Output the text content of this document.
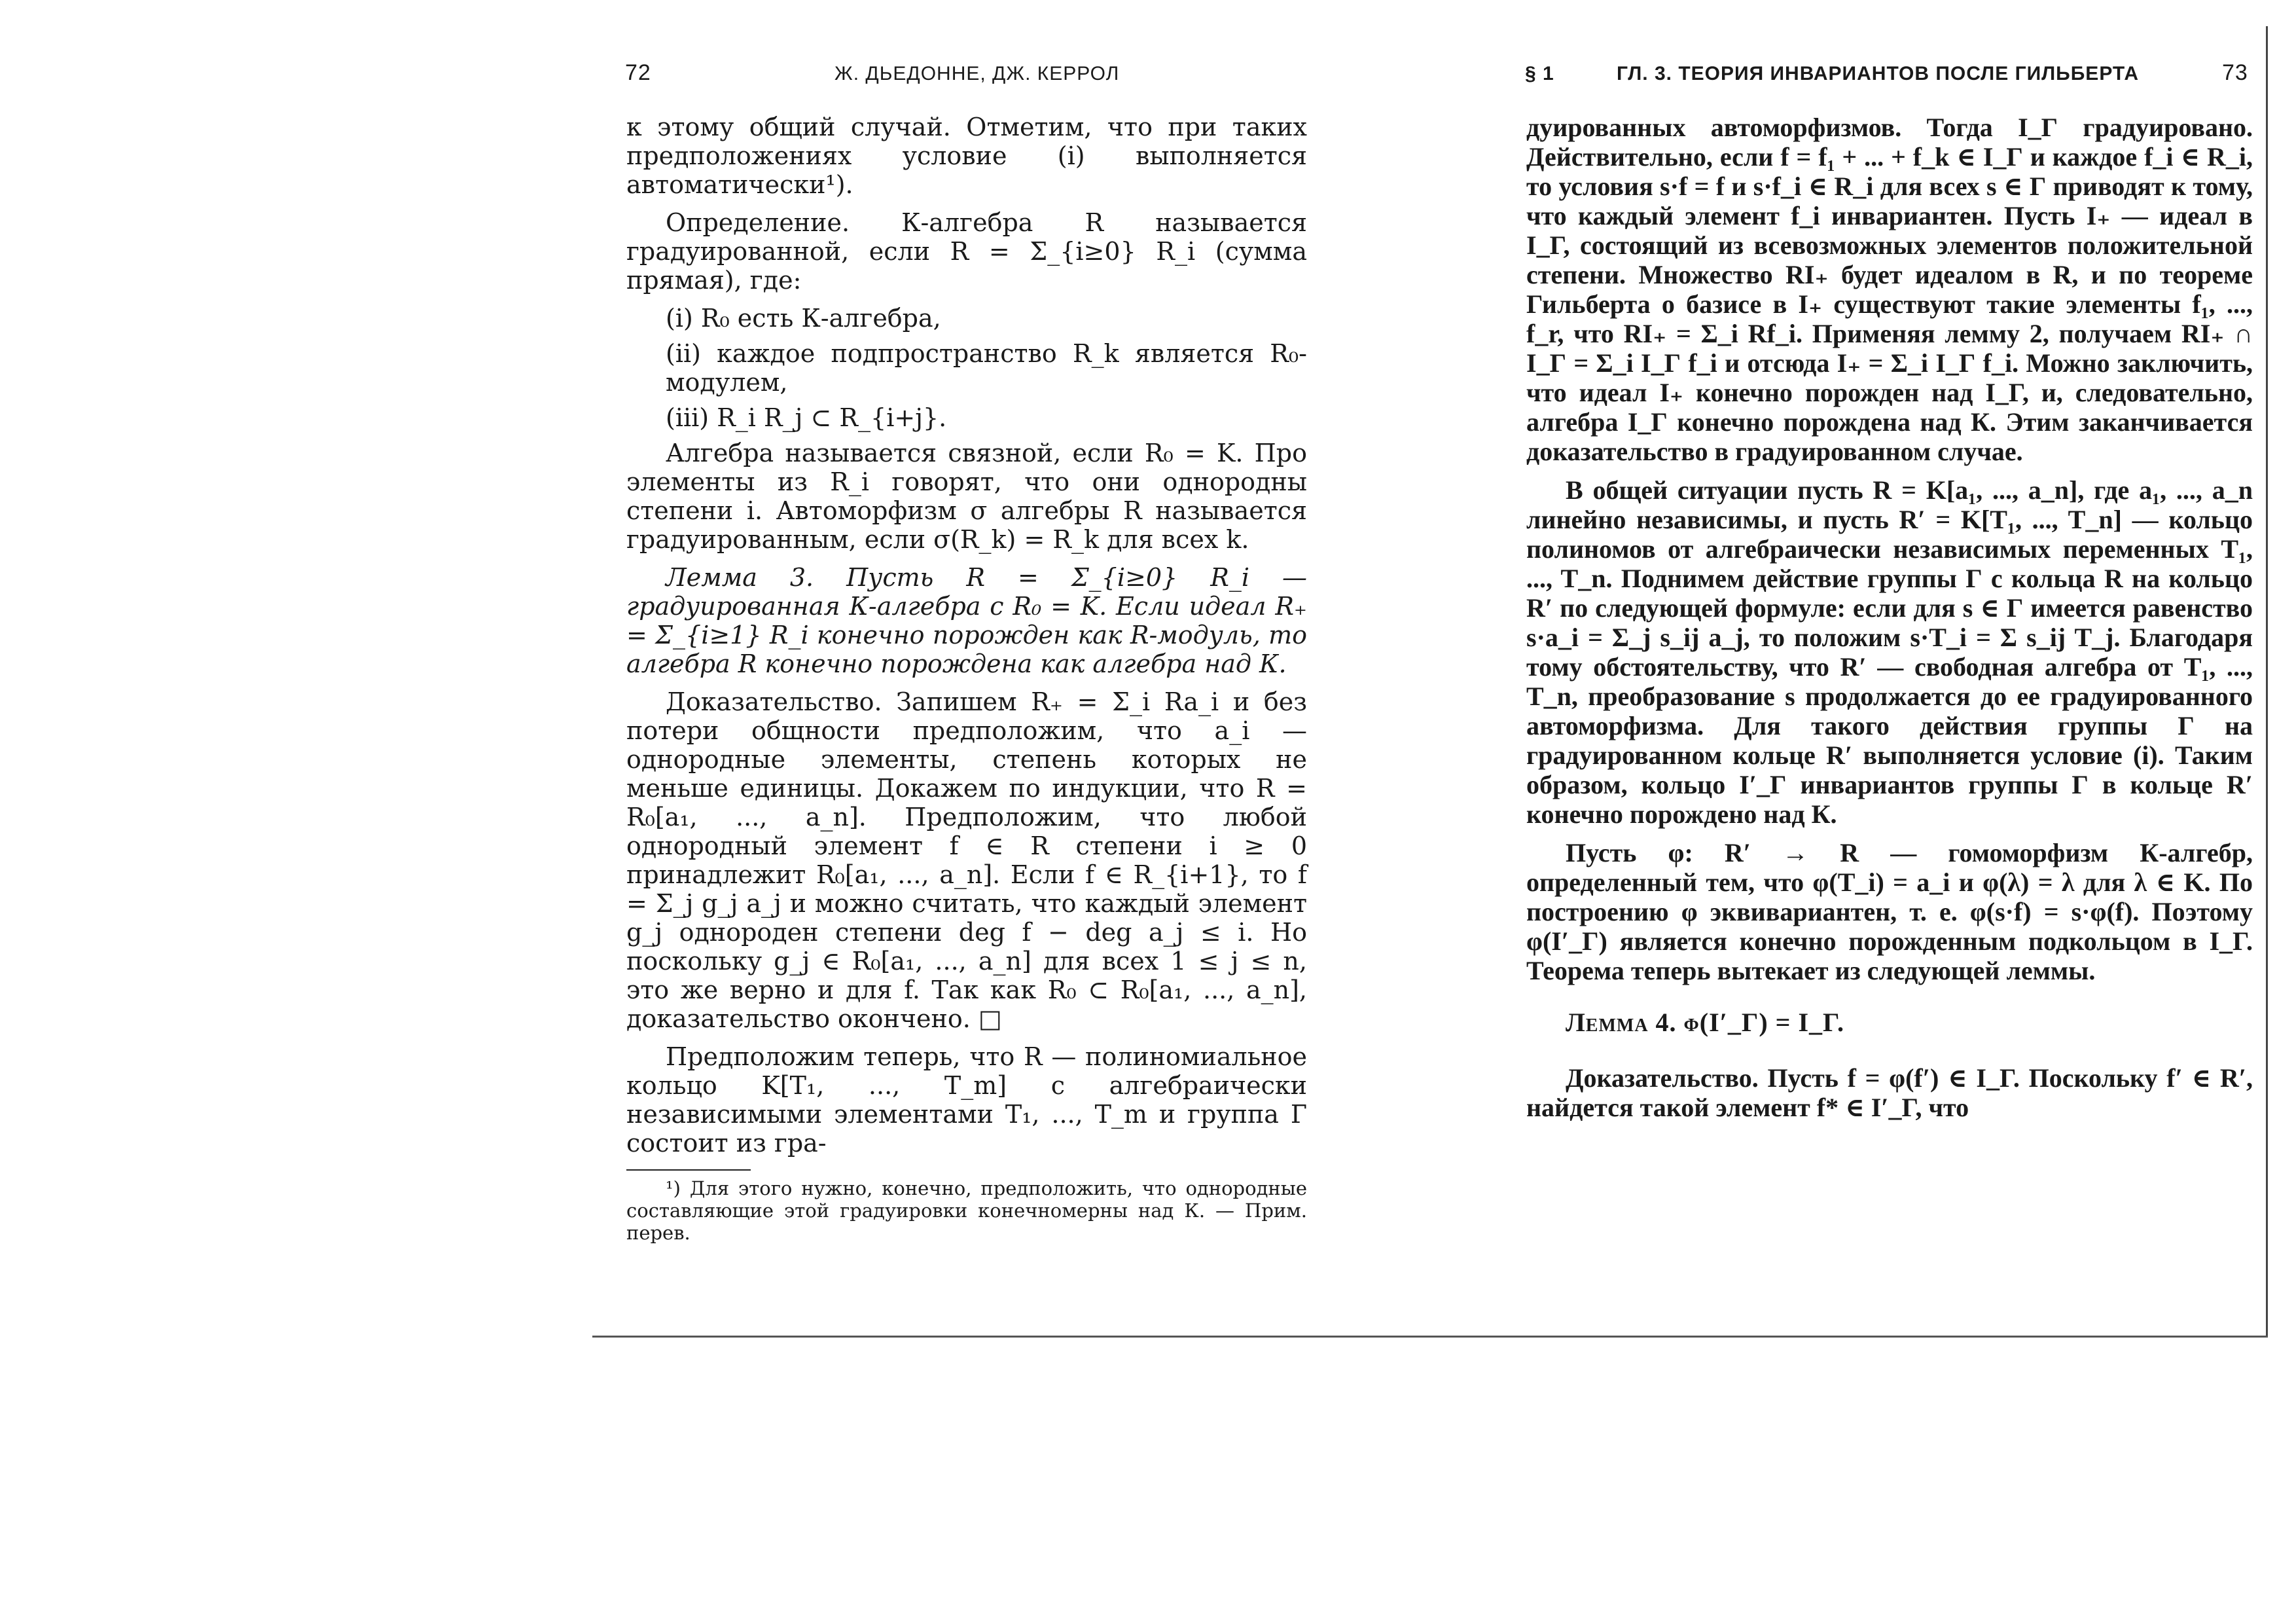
72	Ж. ДЬЕДОННЕ, ДЖ. КЕРРОЛ

к этому общий случай. Отметим, что при таких предположениях условие (i) выполняется автоматически¹).

Определение. К-алгебра R называется градуированной, если R = Σ_{i≥0} R_i (сумма прямая), где:

(i) R₀ есть К-алгебра,

(ii) каждое подпространство R_k является R₀-модулем,

(iii) R_i R_j ⊂ R_{i+j}.

Алгебра называется связной, если R₀ = K. Про элементы из R_i говорят, что они однородны степени i. Автоморфизм σ алгебры R называется градуированным, если σ(R_k) = R_k для всех k.

Лемма 3. Пусть R = Σ_{i≥0} R_i — градуированная К-алгебра с R₀ = K. Если идеал R₊ = Σ_{i≥1} R_i конечно порожден как R-модуль, то алгебра R конечно порождена как алгебра над К.

Доказательство. Запишем R₊ = Σ_i Ra_i и без потери общности предположим, что a_i — однородные элементы, степень которых не меньше единицы. Докажем по индукции, что R = R₀[a₁, ..., a_n]. Предположим, что любой однородный элемент f ∈ R степени i ≥ 0 принадлежит R₀[a₁, ..., a_n]. Если f ∈ R_{i+1}, то f = Σ_j g_j a_j и можно считать, что каждый элемент g_j однороден степени deg f − deg a_j ≤ i. Но поскольку g_j ∈ R₀[a₁, ..., a_n] для всех 1 ≤ j ≤ n, это же верно и для f. Так как R₀ ⊂ R₀[a₁, ..., a_n], доказательство окончено. □

Предположим теперь, что R — полиномиальное кольцо K[T₁, ..., T_m] с алгебраически независимыми элементами T₁, ..., T_m и группа Г состоит из гра-

¹) Для этого нужно, конечно, предположить, что однородные составляющие этой градуировки конечномерны над К. — Прим. перев.
§ 1	ГЛ. 3. ТЕОРИЯ ИНВАРИАНТОВ ПОСЛЕ ГИЛЬБЕРТА	73

дуированных автоморфизмов. Тогда I_Г градуировано. Действительно, если f = f₁ + ... + f_k ∈ I_Г и каждое f_i ∈ R_i, то условия s·f = f и s·f_i ∈ R_i для всех s ∈ Г приводят к тому, что каждый элемент f_i инвариантен. Пусть I₊ — идеал в I_Г, состоящий из всевозможных элементов положительной степени. Множество RI₊ будет идеалом в R, и по теореме Гильберта о базисе в I₊ существуют такие элементы f₁, ..., f_r, что RI₊ = Σ_i Rf_i. Применяя лемму 2, получаем RI₊ ∩ I_Г = Σ_i I_Г f_i и отсюда I₊ = Σ_i I_Г f_i. Можно заключить, что идеал I₊ конечно порожден над I_Г, и, следовательно, алгебра I_Г конечно порождена над К. Этим заканчивается доказательство в градуированном случае.

В общей ситуации пусть R = K[a₁, ..., a_n], где a₁, ..., a_n линейно независимы, и пусть R′ = K[T₁, ..., T_n] — кольцо полиномов от алгебраически независимых переменных T₁, ..., T_n. Поднимем действие группы Г с кольца R на кольцо R′ по следующей формуле: если для s ∈ Г имеется равенство s·a_i = Σ_j s_ij a_j, то положим s·T_i = Σ s_ij T_j. Благодаря тому обстоятельству, что R′ — свободная алгебра от T₁, ..., T_n, преобразование s продолжается до ее градуированного автоморфизма. Для такого действия группы Г на градуированном кольце R′ выполняется условие (i). Таким образом, кольцо I′_Г инвариантов группы Г в кольце R′ конечно порождено над К.

Пусть φ: R′ → R — гомоморфизм К-алгебр, определенный тем, что φ(T_i) = a_i и φ(λ) = λ для λ ∈ K. По построению φ эквивариантен, т. е. φ(s·f) = s·φ(f). Поэтому φ(I′_Г) является конечно порожденным подкольцом в I_Г. Теорема теперь вытекает из следующей леммы.

Лемма 4. φ(I′_Г) = I_Г.

Доказательство. Пусть f = φ(f′) ∈ I_Г. Поскольку f′ ∈ R′, найдется такой элемент f* ∈ I′_Г, что
